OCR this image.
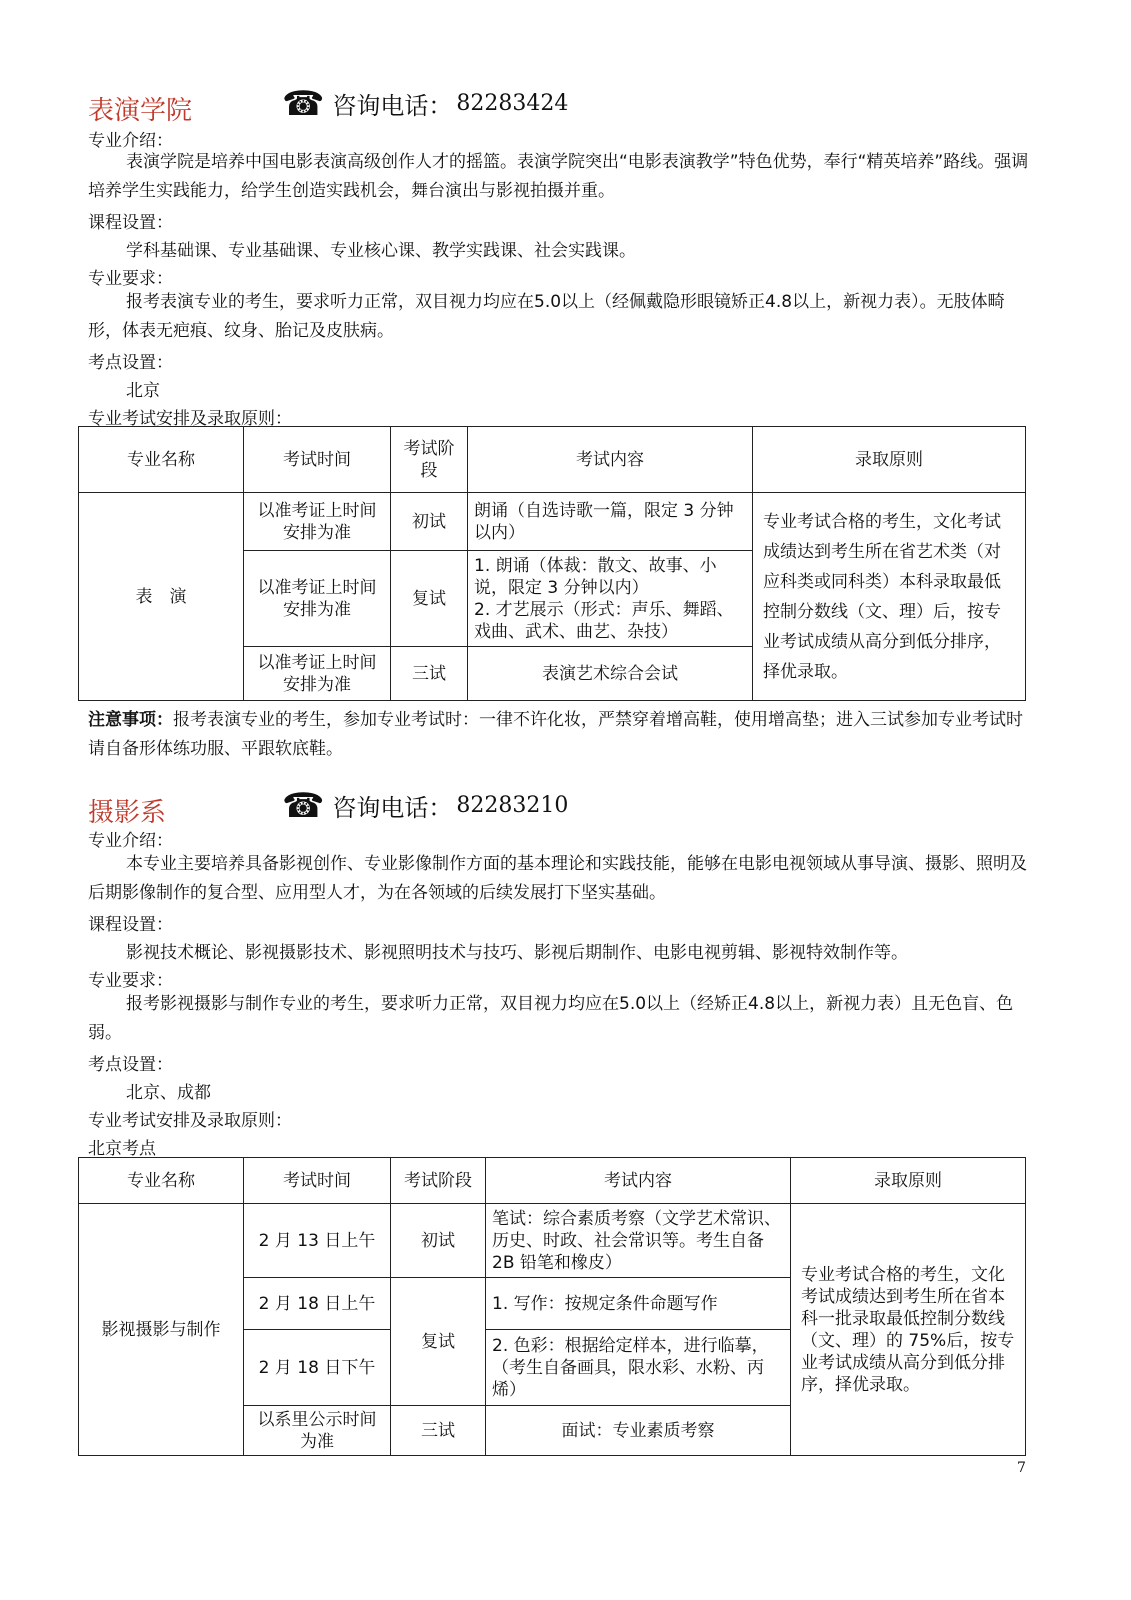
表演学院	☎ 咨询电话： 82283424
专业介绍：
表演学院是培养中国电影表演高级创作人才的摇篮。表演学院突出“电影表演教学”特色优势，奉行“精英培养”路线。强调培养学生实践能力，给学生创造实践机会，舞台演出与影视拍摄并重。
课程设置：
学科基础课、专业基础课、专业核心课、教学实践课、社会实践课。
专业要求：
报考表演专业的考生，要求听力正常，双目视力均应在5.0以上（经佩戴隐形眼镜矫正4.8以上，新视力表）。无肢体畸形，体表无疤痕、纹身、胎记及皮肤病。
考点设置：
北京
专业考试安排及录取原则：
专业名称	考试时间	考试阶段	考试内容	录取原则
表　演	以准考证上时间安排为准	初试	朗诵（自选诗歌一篇，限定 3 分钟以内）	专业考试合格的考生，文化考试成绩达到考生所在省艺术类（对应科类或同科类）本科录取最低控制分数线（文、理）后，按专业考试成绩从高分到低分排序，择优录取。
	以准考证上时间安排为准	复试	1. 朗诵（体裁：散文、故事、小说，限定 3 分钟以内）
2. 才艺展示（形式：声乐、舞蹈、戏曲、武术、曲艺、杂技）	

	以准考证上时间安排为准	三试	表演艺术综合会试	
注意事项：报考表演专业的考生，参加专业考试时：一律不许化妆，严禁穿着增高鞋，使用增高垫；进入三试参加专业考试时请自备形体练功服、平跟软底鞋。
摄影系	☎ 咨询电话： 82283210
专业介绍：
本专业主要培养具备影视创作、专业影像制作方面的基本理论和实践技能，能够在电影电视领域从事导演、摄影、照明及后期影像制作的复合型、应用型人才，为在各领域的后续发展打下坚实基础。
课程设置：
影视技术概论、影视摄影技术、影视照明技术与技巧、影视后期制作、电影电视剪辑、影视特效制作等。
专业要求：
报考影视摄影与制作专业的考生，要求听力正常，双目视力均应在5.0以上（经矫正4.8以上，新视力表）且无色盲、色弱。
考点设置：
北京、成都
专业考试安排及录取原则：
北京考点
专业名称	考试时间	考试阶段	考试内容	录取原则
影视摄影与制作	2 月 13 日上午	初试	笔试：综合素质考察（文学艺术常识、历史、时政、社会常识等。考生自备 2B 铅笔和橡皮）	专业考试合格的考生，文化考试成绩达到考生所在省本科一批录取最低控制分数线（文、理）的 75%后，按专业考试成绩从高分到低分排序，择优录取。
	2 月 18 日上午	复试	1. 写作：按规定条件命题写作	
	2 月 18 日下午		2. 色彩：根据给定样本，进行临摹，（考生自备画具，限水彩、水粉、丙烯）	
	以系里公示时间为准	三试	面试：专业素质考察	
7
